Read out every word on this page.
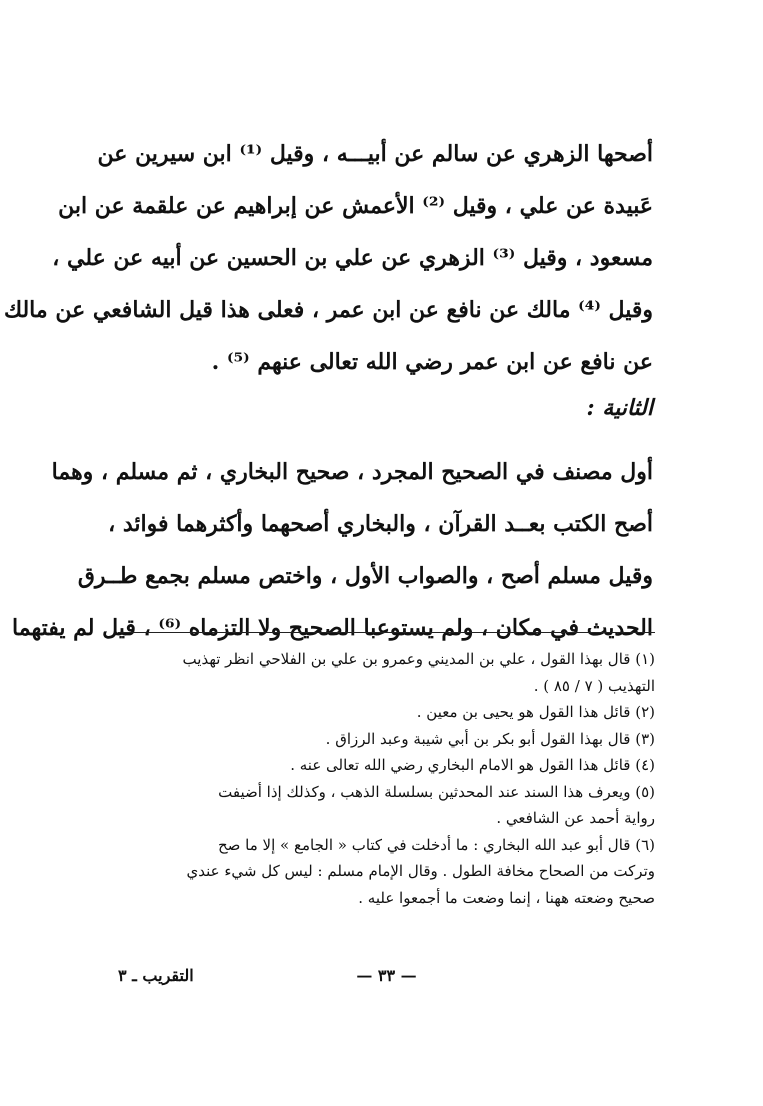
أصحها الزهري عن سالم عن أبيـــه ، وقيل ⁽¹⁾ ابن سيرين عن
عَبيدة عن علي ، وقيل ⁽²⁾ الأعمش عن إبراهيم عن علقمة عن ابن
مسعود ، وقيل ⁽³⁾ الزهري عن علي بن الحسين عن أبيه عن علي ،
وقيل ⁽⁴⁾ مالك عن نافع عن ابن عمر ، فعلى هذا قيل الشافعي عن مالك
عن نافع عن ابن عمر رضي الله تعالى عنهم ⁽⁵⁾ .
الثانية :
أول مصنف في الصحيح المجرد ، صحيح البخاري ، ثم مسلم ، وهما
أصح الكتب بعــد القرآن ، والبخاري أصحهما وأكثرهما فوائد ،
وقيل مسلم أصح ، والصواب الأول ، واختص مسلم بجمع طــرق
الحديث في مكان ، ولم يستوعبا الصحيح ولا التزماه ⁽⁶⁾ ، قيل لم يفتهما
(١) قال بهذا القول ، علي بن المديني وعمرو بن علي بن الفلاحي انظر تهذيب
التهذيب ( ٧ / ٨٥ ) .
(٢) قائل هذا القول هو يحيى بن معين .
(٣) قال بهذا القول أبو بكر بن أبي شيبة وعبد الرزاق .
(٤) قائل هذا القول هو الامام البخاري رضي الله تعالى عنه .
(٥) ويعرف هذا السند عند المحدثين بسلسلة الذهب ، وكذلك إذا أضيفت
رواية أحمد عن الشافعي .
(٦) قال أبو عبد الله البخاري : ما أدخلت في كتاب « الجامع » إلا ما صح
وتركت من الصحاح مخافة الطول . وقال الإمام مسلم : ليس كل شيء عندي
صحيح وضعته ههنا ، إنما وضعت ما أجمعوا عليه .
التقريب ـ ٣	— ٣٣ —
